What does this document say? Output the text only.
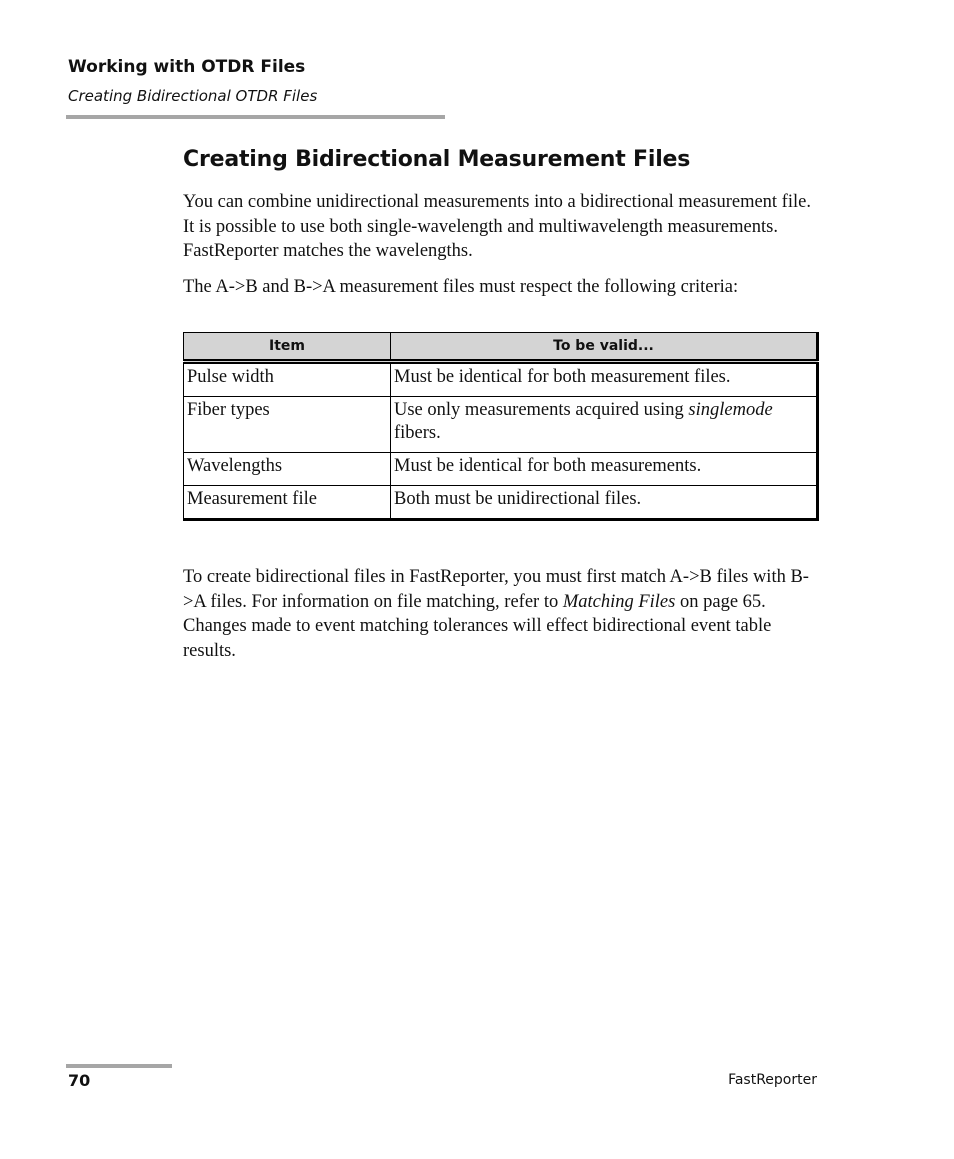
Working with OTDR Files
Creating Bidirectional OTDR Files
Creating Bidirectional Measurement Files

You can combine unidirectional measurements into a bidirectional measurement file. It is possible to use both single-wavelength and multiwavelength measurements. FastReporter matches the wavelengths.

The A->B and B->A measurement files must respect the following criteria:

Item	To be valid...
Pulse width	Must be identical for both measurement files.
Fiber types	Use only measurements acquired using singlemode fibers.
Wavelengths	Must be identical for both measurements.
Measurement file	Both must be unidirectional files.

To create bidirectional files in FastReporter, you must first match A->B files with B->A files. For information on file matching, refer to Matching Files on page 65. Changes made to event matching tolerances will effect bidirectional event table results.

70	FastReporter
